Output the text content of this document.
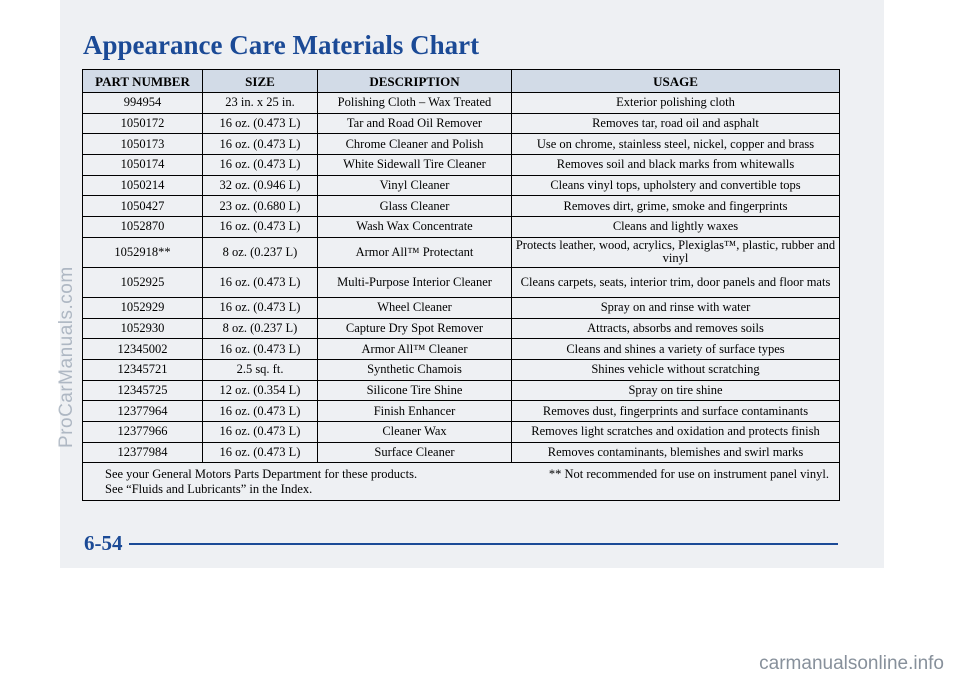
Appearance Care Materials Chart
PART NUMBER	SIZE	DESCRIPTION	USAGE
994954	23 in. x 25 in.	Polishing Cloth – Wax Treated	Exterior polishing cloth
1050172	16 oz. (0.473 L)	Tar and Road Oil Remover	Removes tar, road oil and asphalt
1050173	16 oz. (0.473 L)	Chrome Cleaner and Polish	Use on chrome, stainless steel, nickel, copper and brass
1050174	16 oz. (0.473 L)	White Sidewall Tire Cleaner	Removes soil and black marks from whitewalls
1050214	32 oz. (0.946 L)	Vinyl Cleaner	Cleans vinyl tops, upholstery and convertible tops
1050427	23 oz. (0.680 L)	Glass Cleaner	Removes dirt, grime, smoke and fingerprints
1052870	16 oz. (0.473 L)	Wash Wax Concentrate	Cleans and lightly waxes
1052918**	8 oz. (0.237 L)	Armor All™ Protectant	Protects leather, wood, acrylics, Plexiglas™, plastic, rubber and vinyl
1052925	16 oz. (0.473 L)	Multi-Purpose Interior Cleaner	Cleans carpets, seats, interior trim, door panels and floor mats
1052929	16 oz. (0.473 L)	Wheel Cleaner	Spray on and rinse with water
1052930	8 oz. (0.237 L)	Capture Dry Spot Remover	Attracts, absorbs and removes soils
12345002	16 oz. (0.473 L)	Armor All™ Cleaner	Cleans and shines a variety of surface types
12345721	2.5 sq. ft.	Synthetic Chamois	Shines vehicle without scratching
12345725	12 oz. (0.354 L)	Silicone Tire Shine	Spray on tire shine
12377964	16 oz. (0.473 L)	Finish Enhancer	Removes dust, fingerprints and surface contaminants
12377966	16 oz. (0.473 L)	Cleaner Wax	Removes light scratches and oxidation and protects finish
12377984	16 oz. (0.473 L)	Surface Cleaner	Removes contaminants, blemishes and swirl marks

See your General Motors Parts Department for these products. ** Not recommended for use on instrument panel vinyl.
See “Fluids and Lubricants” in the Index.			
6-54
ProCarManuals.com
carmanualsonline.info
